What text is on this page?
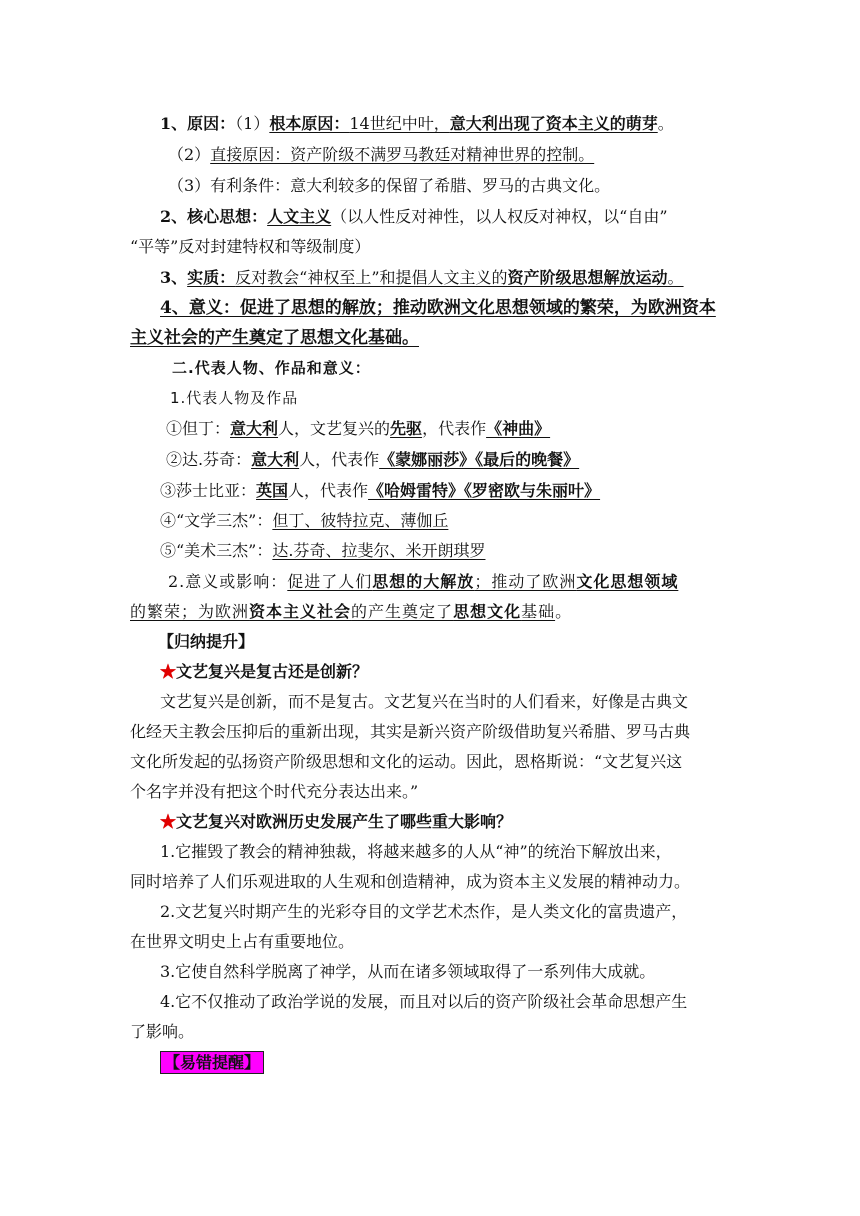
1、原因：（1）根本原因：14世纪中叶，意大利出现了资本主义的萌芽。
（2）直接原因：资产阶级不满罗马教廷对精神世界的控制。
（3）有利条件：意大利较多的保留了希腊、罗马的古典文化。
2、核心思想：人文主义（以人性反对神性，以人权反对神权，以“自由”
“平等”反对封建特权和等级制度）
3、实质：反对教会“神权至上”和提倡人文主义的资产阶级思想解放运动。
4、意义：促进了思想的解放；推动欧洲文化思想领域的繁荣，为欧洲资本
主义社会的产生奠定了思想文化基础。
二.代表人物、作品和意义：
1.代表人物及作品
①但丁：意大利人，文艺复兴的先驱，代表作《神曲》
②达.芬奇：意大利人，代表作《蒙娜丽莎》《最后的晚餐》
③莎士比亚：英国人，代表作《哈姆雷特》《罗密欧与朱丽叶》
④“文学三杰”：但丁、彼特拉克、薄伽丘
⑤“美术三杰”：达.芬奇、拉斐尔、米开朗琪罗
2.意义或影响：促进了人们思想的大解放；推动了欧洲文化思想领域
的繁荣；为欧洲资本主义社会的产生奠定了思想文化基础。
【归纳提升】
★文艺复兴是复古还是创新？
文艺复兴是创新，而不是复古。文艺复兴在当时的人们看来，好像是古典文
化经天主教会压抑后的重新出现，其实是新兴资产阶级借助复兴希腊、罗马古典
文化所发起的弘扬资产阶级思想和文化的运动。因此，恩格斯说：“文艺复兴这
个名字并没有把这个时代充分表达出来。”
★文艺复兴对欧洲历史发展产生了哪些重大影响？
1.它摧毁了教会的精神独裁，将越来越多的人从“神”的统治下解放出来，
同时培养了人们乐观进取的人生观和创造精神，成为资本主义发展的精神动力。
2.文艺复兴时期产生的光彩夺目的文学艺术杰作，是人类文化的富贵遗产，
在世界文明史上占有重要地位。
3.它使自然科学脱离了神学，从而在诸多领域取得了一系列伟大成就。
4.它不仅推动了政治学说的发展，而且对以后的资产阶级社会革命思想产生
了影响。
【易错提醒】
